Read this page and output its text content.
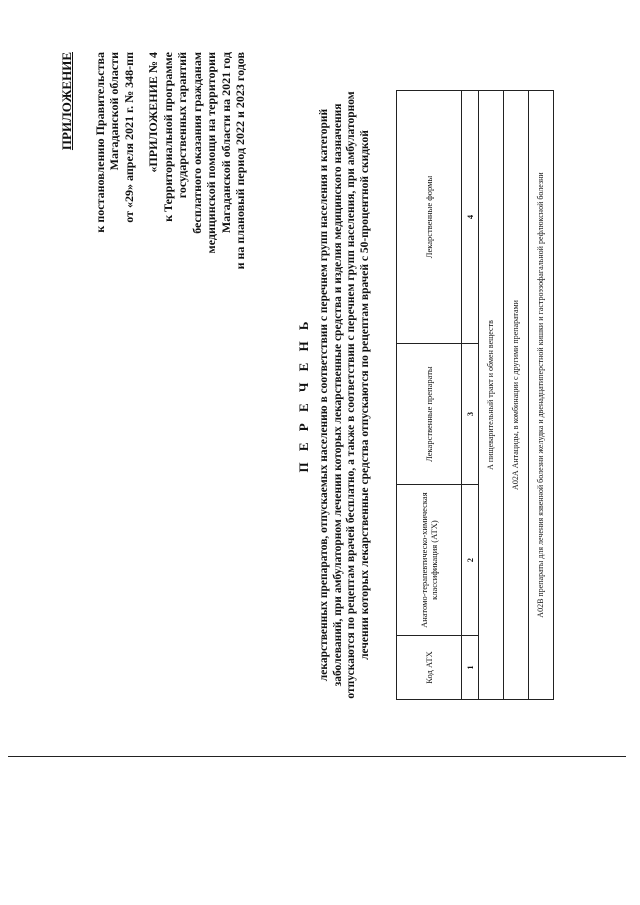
ПРИЛОЖЕНИЕ к постановлению Правительства Магаданской области от «29» апреля 2021 г. № 348-пп «ПРИЛОЖЕНИЕ № 4 к Территориальной программе государственных гарантий бесплатного оказания гражданам медицинской помощи на территории Магаданской области на 2021 год и на плановый период 2022 и 2023 годов
П Е Р Е Ч Е Н Ь лекарственных препаратов, отпускаемых населению в соответствии с перечнем групп населения и категорий заболеваний, при амбулаторном лечении которых лекарственные средства и изделия медицинского назначения отпускаются по рецептам врачей бесплатно, а также в соответствии с перечнем групп населения, при амбулаторном лечении которых лекарственные средства отпускаются по рецептам врачей с 50-процентной скидкой
Код АТХ	Анатомо-терапевтическо-химическая классификация (АТХ)	Лекарственные препараты	Лекарственные формы
1	2	3	4
А пищеварительный тракт и обмен веществ			
А02А Антациды, в комбинации с другими препаратами			
А02В препараты для лечения язвенной болезни желудка и двенадцатиперстной кишки и гастроэзофагальной рефлюксной болезни			
